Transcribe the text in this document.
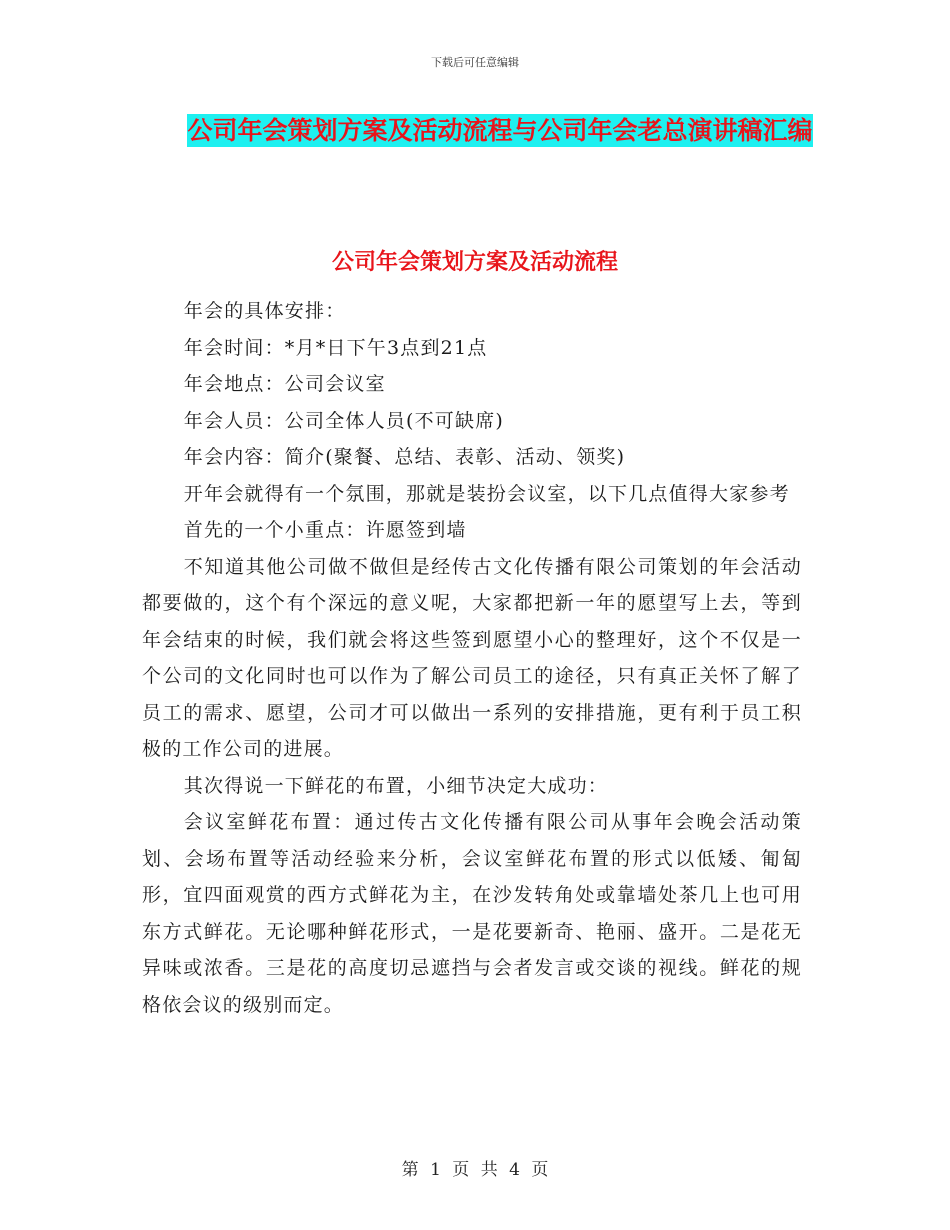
下载后可任意编辑
公司年会策划方案及活动流程与公司年会老总演讲稿汇编
公司年会策划方案及活动流程

年会的具体安排：

年会时间：*月*日下午3点到21点

年会地点：公司会议室

年会人员：公司全体人员(不可缺席)

年会内容：简介(聚餐、总结、表彰、活动、领奖)

开年会就得有一个氛围，那就是装扮会议室，以下几点值得大家参考

首先的一个小重点：许愿签到墙

不知道其他公司做不做但是经传古文化传播有限公司策划的年会活动都要做的，这个有个深远的意义呢，大家都把新一年的愿望写上去，等到年会结束的时候，我们就会将这些签到愿望小心的整理好，这个不仅是一个公司的文化同时也可以作为了解公司员工的途径，只有真正关怀了解了员工的需求、愿望，公司才可以做出一系列的安排措施，更有利于员工积极的工作公司的进展。

其次得说一下鲜花的布置，小细节决定大成功：

会议室鲜花布置：通过传古文化传播有限公司从事年会晚会活动策划、会场布置等活动经验来分析，会议室鲜花布置的形式以低矮、匍匐形，宜四面观赏的西方式鲜花为主，在沙发转角处或靠墙处茶几上也可用东方式鲜花。无论哪种鲜花形式，一是花要新奇、艳丽、盛开。二是花无异味或浓香。三是花的高度切忌遮挡与会者发言或交谈的视线。鲜花的规格依会议的级别而定。

第 1 页 共 4 页
